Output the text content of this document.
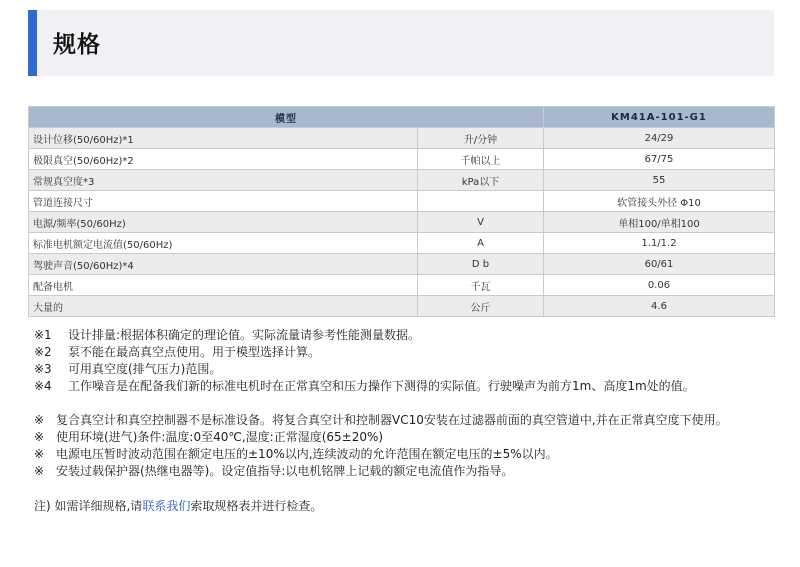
规格
模型		KM41A-101-G1
设计位移(50/60Hz)*1	升/分钟	24/29
极限真空(50/60Hz)*2	千帕以上	67/75
常规真空度*3	kPa以下	55
管道连接尺寸		软管接头外径 Φ10
电源/频率(50/60Hz)	V	单相100/单相100
标准电机额定电流值(50/60Hz)	A	1.1/1.2
驾驶声音(50/60Hz)*4	D b	60/61
配备电机	千瓦	0.06
大量的	公斤	4.6
※1	设计排量:根据体积确定的理论值。实际流量请参考性能测量数据。
※2	泵不能在最高真空点使用。用于模型选择计算。
※3	可用真空度(排气压力)范围。
※4	工作噪音是在配备我们新的标准电机时在正常真空和压力操作下测得的实际值。行驶噪声为前方1m、高度1m处的值。
※ 复合真空计和真空控制器不是标准设备。将复合真空计和控制器VC10安装在过滤器前面的真空管道中,并在正常真空度下使用。
※ 使用环境(进气)条件:温度:0至40℃,湿度:正常湿度(65±20%)
※ 电源电压暂时波动范围在额定电压的±10%以内,连续波动的允许范围在额定电压的±5%以内。
※ 安装过载保护器(热继电器等)。设定值指导:以电机铭牌上记载的额定电流值作为指导。
注) 如需详细规格,请联系我们索取规格表并进行检查。
